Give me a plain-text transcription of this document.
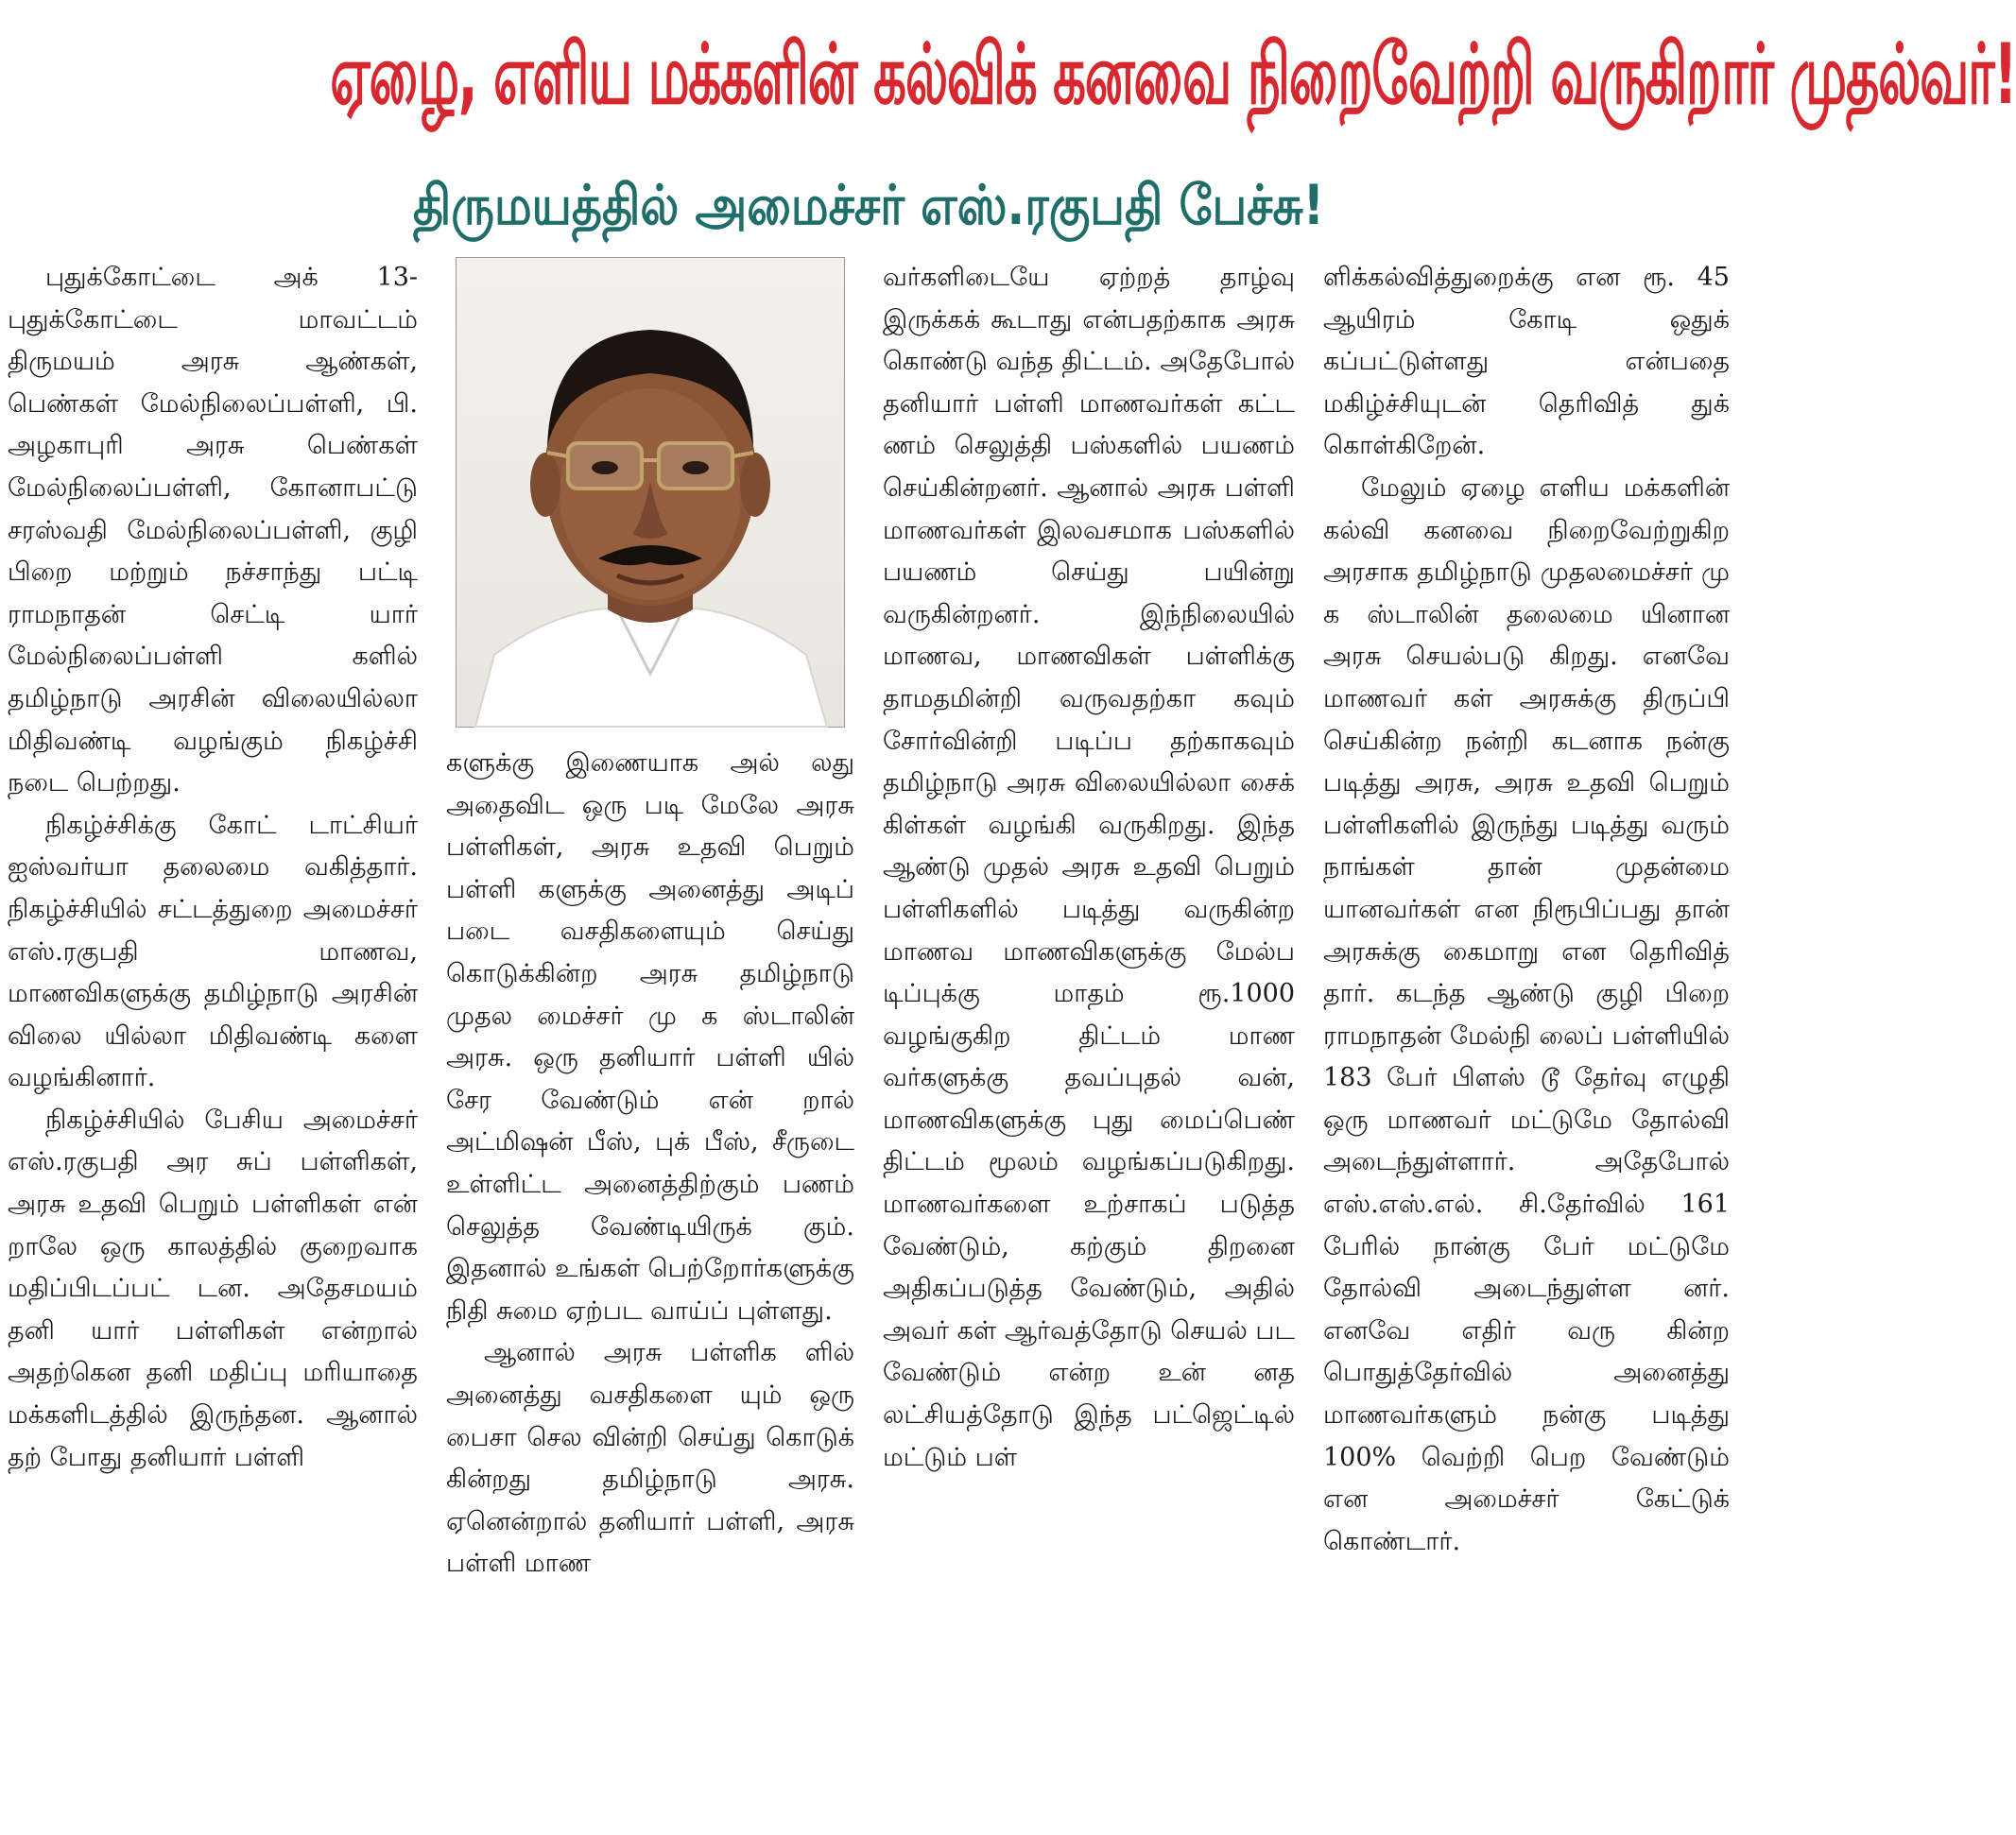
ஏழை, எளிய மக்களின் கல்விக் கனவை நிறைவேற்றி வருகிறார் முதல்வர்!
திருமயத்தில் அமைச்சர் எஸ்.ரகுபதி பேச்சு!

புதுக்கோட்டை அக் 13- புதுக்கோட்டை மாவட்டம் திருமயம் அரசு ஆண்கள், பெண்கள் மேல்நிலைப்பள்ளி, பி. அழகாபுரி அரசு பெண்கள் மேல்நிலைப்பள்ளி, கோனாபட்டு சரஸ்வதி மேல்நிலைப்பள்ளி, குழி பிறை மற்றும் நச்சாந்து பட்டி ராமநாதன் செட்டி யார் மேல்நிலைப்பள்ளி களில் தமிழ்நாடு அரசின் விலையில்லா மிதிவண்டி வழங்கும் நிகழ்ச்சி நடை பெற்றது.

நிகழ்ச்சிக்கு கோட் டாட்சியர் ஐஸ்வர்யா தலைமை வகித்தார். நிகழ்ச்சியில் சட்டத்துறை அமைச்சர் எஸ்.ரகுபதி மாணவ, மாணவிகளுக்கு தமிழ்நாடு அரசின் விலை யில்லா மிதிவண்டி களை வழங்கினார்.

நிகழ்ச்சியில் பேசிய அமைச்சர் எஸ்.ரகுபதி அர சுப் பள்ளிகள், அரசு உதவி பெறும் பள்ளிகள் என் றாலே ஒரு காலத்தில் குறைவாக மதிப்பிடப்பட் டன. அதேசமயம் தனி யார் பள்ளிகள் என்றால் அதற்கென தனி மதிப்பு மரியாதை மக்களிடத்தில் இருந்தன. ஆனால் தற் போது தனியார் பள்ளி

களுக்கு இணையாக அல் லது அதைவிட ஒரு படி மேலே அரசு பள்ளிகள், அரசு உதவி பெறும் பள்ளி களுக்கு அனைத்து அடிப் படை வசதிகளையும் செய்து கொடுக்கின்ற அரசு தமிழ்நாடு முதல மைச்சர் மு க ஸ்டாலின் அரசு. ஒரு தனியார் பள்ளி யில் சேர வேண்டும் என் றால் அட்மிஷன் பீஸ், புக் பீஸ், சீருடை உள்ளிட்ட அனைத்திற்கும் பணம் செலுத்த வேண்டியிருக் கும். இதனால் உங்கள் பெற்றோர்களுக்கு நிதி சுமை ஏற்பட வாய்ப் புள்ளது.

ஆனால் அரசு பள்ளிக ளில் அனைத்து வசதிகளை யும் ஒரு பைசா செல வின்றி செய்து கொடுக் கின்றது தமிழ்நாடு அரசு. ஏனென்றால் தனியார் பள்ளி, அரசு பள்ளி மாண

வர்களிடையே ஏற்றத் தாழ்வு இருக்கக் கூடாது என்பதற்காக அரசு கொண்டு வந்த திட்டம். அதேபோல் தனியார் பள்ளி மாணவர்கள் கட்ட ணம் செலுத்தி பஸ்களில் பயணம் செய்கின்றனர். ஆனால் அரசு பள்ளி மாணவர்கள் இலவசமாக பஸ்களில் பயணம் செய்து பயின்று வருகின்றனர். இந்நிலையில் மாணவ, மாணவிகள் பள்ளிக்கு தாமதமின்றி வருவதற்கா கவும் சோர்வின்றி படிப்ப தற்காகவும் தமிழ்நாடு அரசு விலையில்லா சைக் கிள்கள் வழங்கி வருகிறது. இந்த ஆண்டு முதல் அரசு உதவி பெறும் பள்ளிகளில் படித்து வருகின்ற மாணவ மாணவிகளுக்கு மேல்ப டிப்புக்கு மாதம் ரூ.1000 வழங்குகிற திட்டம் மாண வர்களுக்கு தவப்புதல் வன், மாணவிகளுக்கு புது மைப்பெண் திட்டம் மூலம் வழங்கப்படுகிறது. மாணவர்களை உற்சாகப் படுத்த வேண்டும், கற்கும் திறனை அதிகப்படுத்த வேண்டும், அதில் அவர் கள் ஆர்வத்தோடு செயல் பட வேண்டும் என்ற உன் னத லட்சியத்தோடு இந்த பட்ஜெட்டில் மட்டும் பள்

ளிக்கல்வித்துறைக்கு என ரூ. 45 ஆயிரம் கோடி ஒதுக் கப்பட்டுள்ளது என்பதை மகிழ்ச்சியுடன் தெரிவித் துக் கொள்கிறேன்.

மேலும் ஏழை எளிய மக்களின் கல்வி கனவை நிறைவேற்றுகிற அரசாக தமிழ்நாடு முதலமைச்சர் மு க ஸ்டாலின் தலைமை யினான அரசு செயல்படு கிறது. எனவே மாணவர் கள் அரசுக்கு திருப்பி செய்கின்ற நன்றி கடனாக நன்கு படித்து அரசு, அரசு உதவி பெறும் பள்ளிகளில் இருந்து படித்து வரும் நாங்கள் தான் முதன்மை யானவர்கள் என நிரூபிப்பது தான் அரசுக்கு கைமாறு என தெரிவித் தார். கடந்த ஆண்டு குழி பிறை ராமநாதன் மேல்நி லைப் பள்ளியில் 183 பேர் பிளஸ் டூ தேர்வு எழுதி ஒரு மாணவர் மட்டுமே தோல்வி அடைந்துள்ளார். அதேபோல் எஸ்.எஸ்.எல். சி.தேர்வில் 161 பேரில் நான்கு பேர் மட்டுமே தோல்வி அடைந்துள்ள னர். எனவே எதிர் வரு கின்ற பொதுத்தேர்வில் அனைத்து மாணவர்களும் நன்கு படித்து 100% வெற்றி பெற வேண்டும் என அமைச்சர் கேட்டுக் கொண்டார்.
